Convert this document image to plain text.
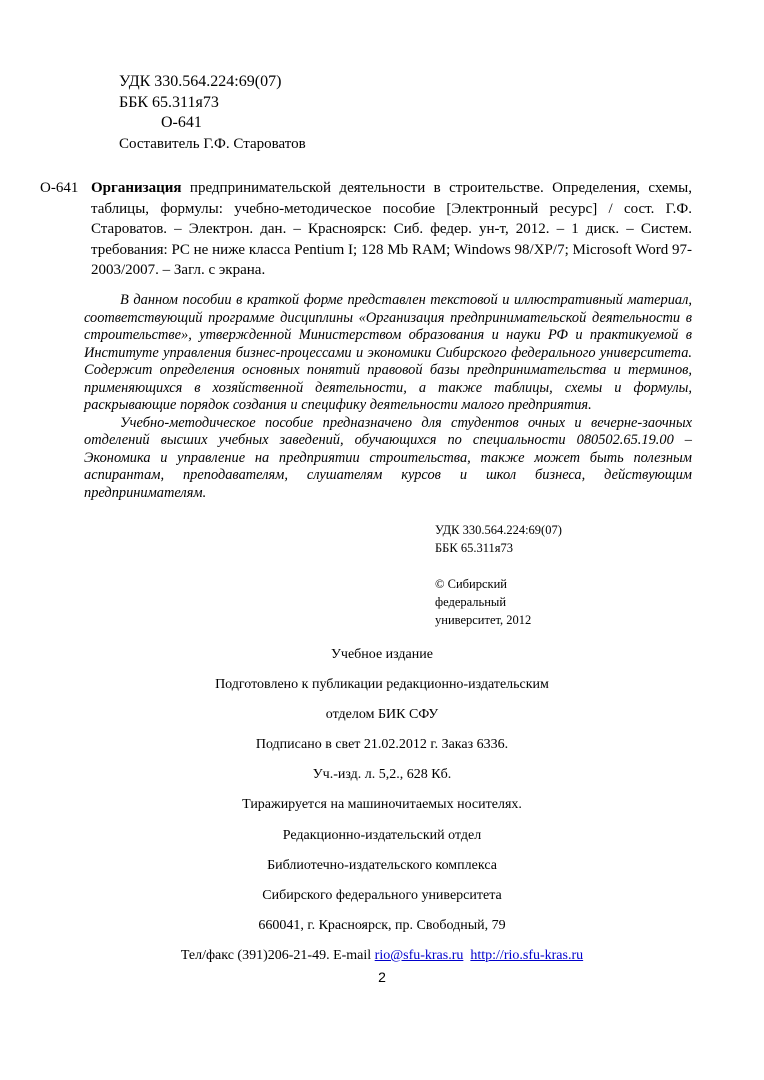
УДК 330.564.224:69(07)
ББК 65.311я73
О-641
Составитель Г.Ф. Староватов
О-641 Организация предпринимательской деятельности в строительстве. Определения, схемы, таблицы, формулы: учебно-методическое пособие [Электронный ресурс] / сост. Г.Ф. Староватов. – Электрон. дан. – Красноярск: Сиб. федер. ун-т, 2012. – 1 диск. – Систем. требования: PC не ниже класса Pentium I; 128 Mb RAM; Windows 98/XP/7; Microsoft Word 97-2003/2007. – Загл. с экрана.

В данном пособии в краткой форме представлен текстовой и иллюстративный материал, соответствующий программе дисциплины «Организация предпринимательской деятельности в строительстве», утвержденной Министерством образования и науки РФ и практикуемой в Институте управления бизнес-процессами и экономики Сибирского федерального университета. Содержит определения основных понятий правовой базы предпринимательства и терминов, применяющихся в хозяйственной деятельности, а также таблицы, схемы и формулы, раскрывающие порядок создания и специфику деятельности малого предприятия.

Учебно-методическое пособие предназначено для студентов очных и вечерне-заочных отделений высших учебных заведений, обучающихся по специальности 080502.65.19.00 – Экономика и управление на предприятии строительства, также может быть полезным аспирантам, преподавателям, слушателям курсов и школ бизнеса, действующим предпринимателям.

УДК 330.564.224:69(07)
ББК 65.311я73
© Сибирский
федеральный
университет, 2012
Учебное издание
Подготовлено к публикации редакционно-издательским
отделом БИК СФУ
Подписано в свет 21.02.2012 г. Заказ 6336.
Уч.-изд. л. 5,2., 628 Кб.
Тиражируется на машиночитаемых носителях.
Редакционно-издательский отдел
Библиотечно-издательского комплекса
Сибирского федерального университета
660041, г. Красноярск, пр. Свободный, 79
Тел/факс (391)206-21-49. E-mail rio@sfu-kras.ru http://rio.sfu-kras.ru
2
